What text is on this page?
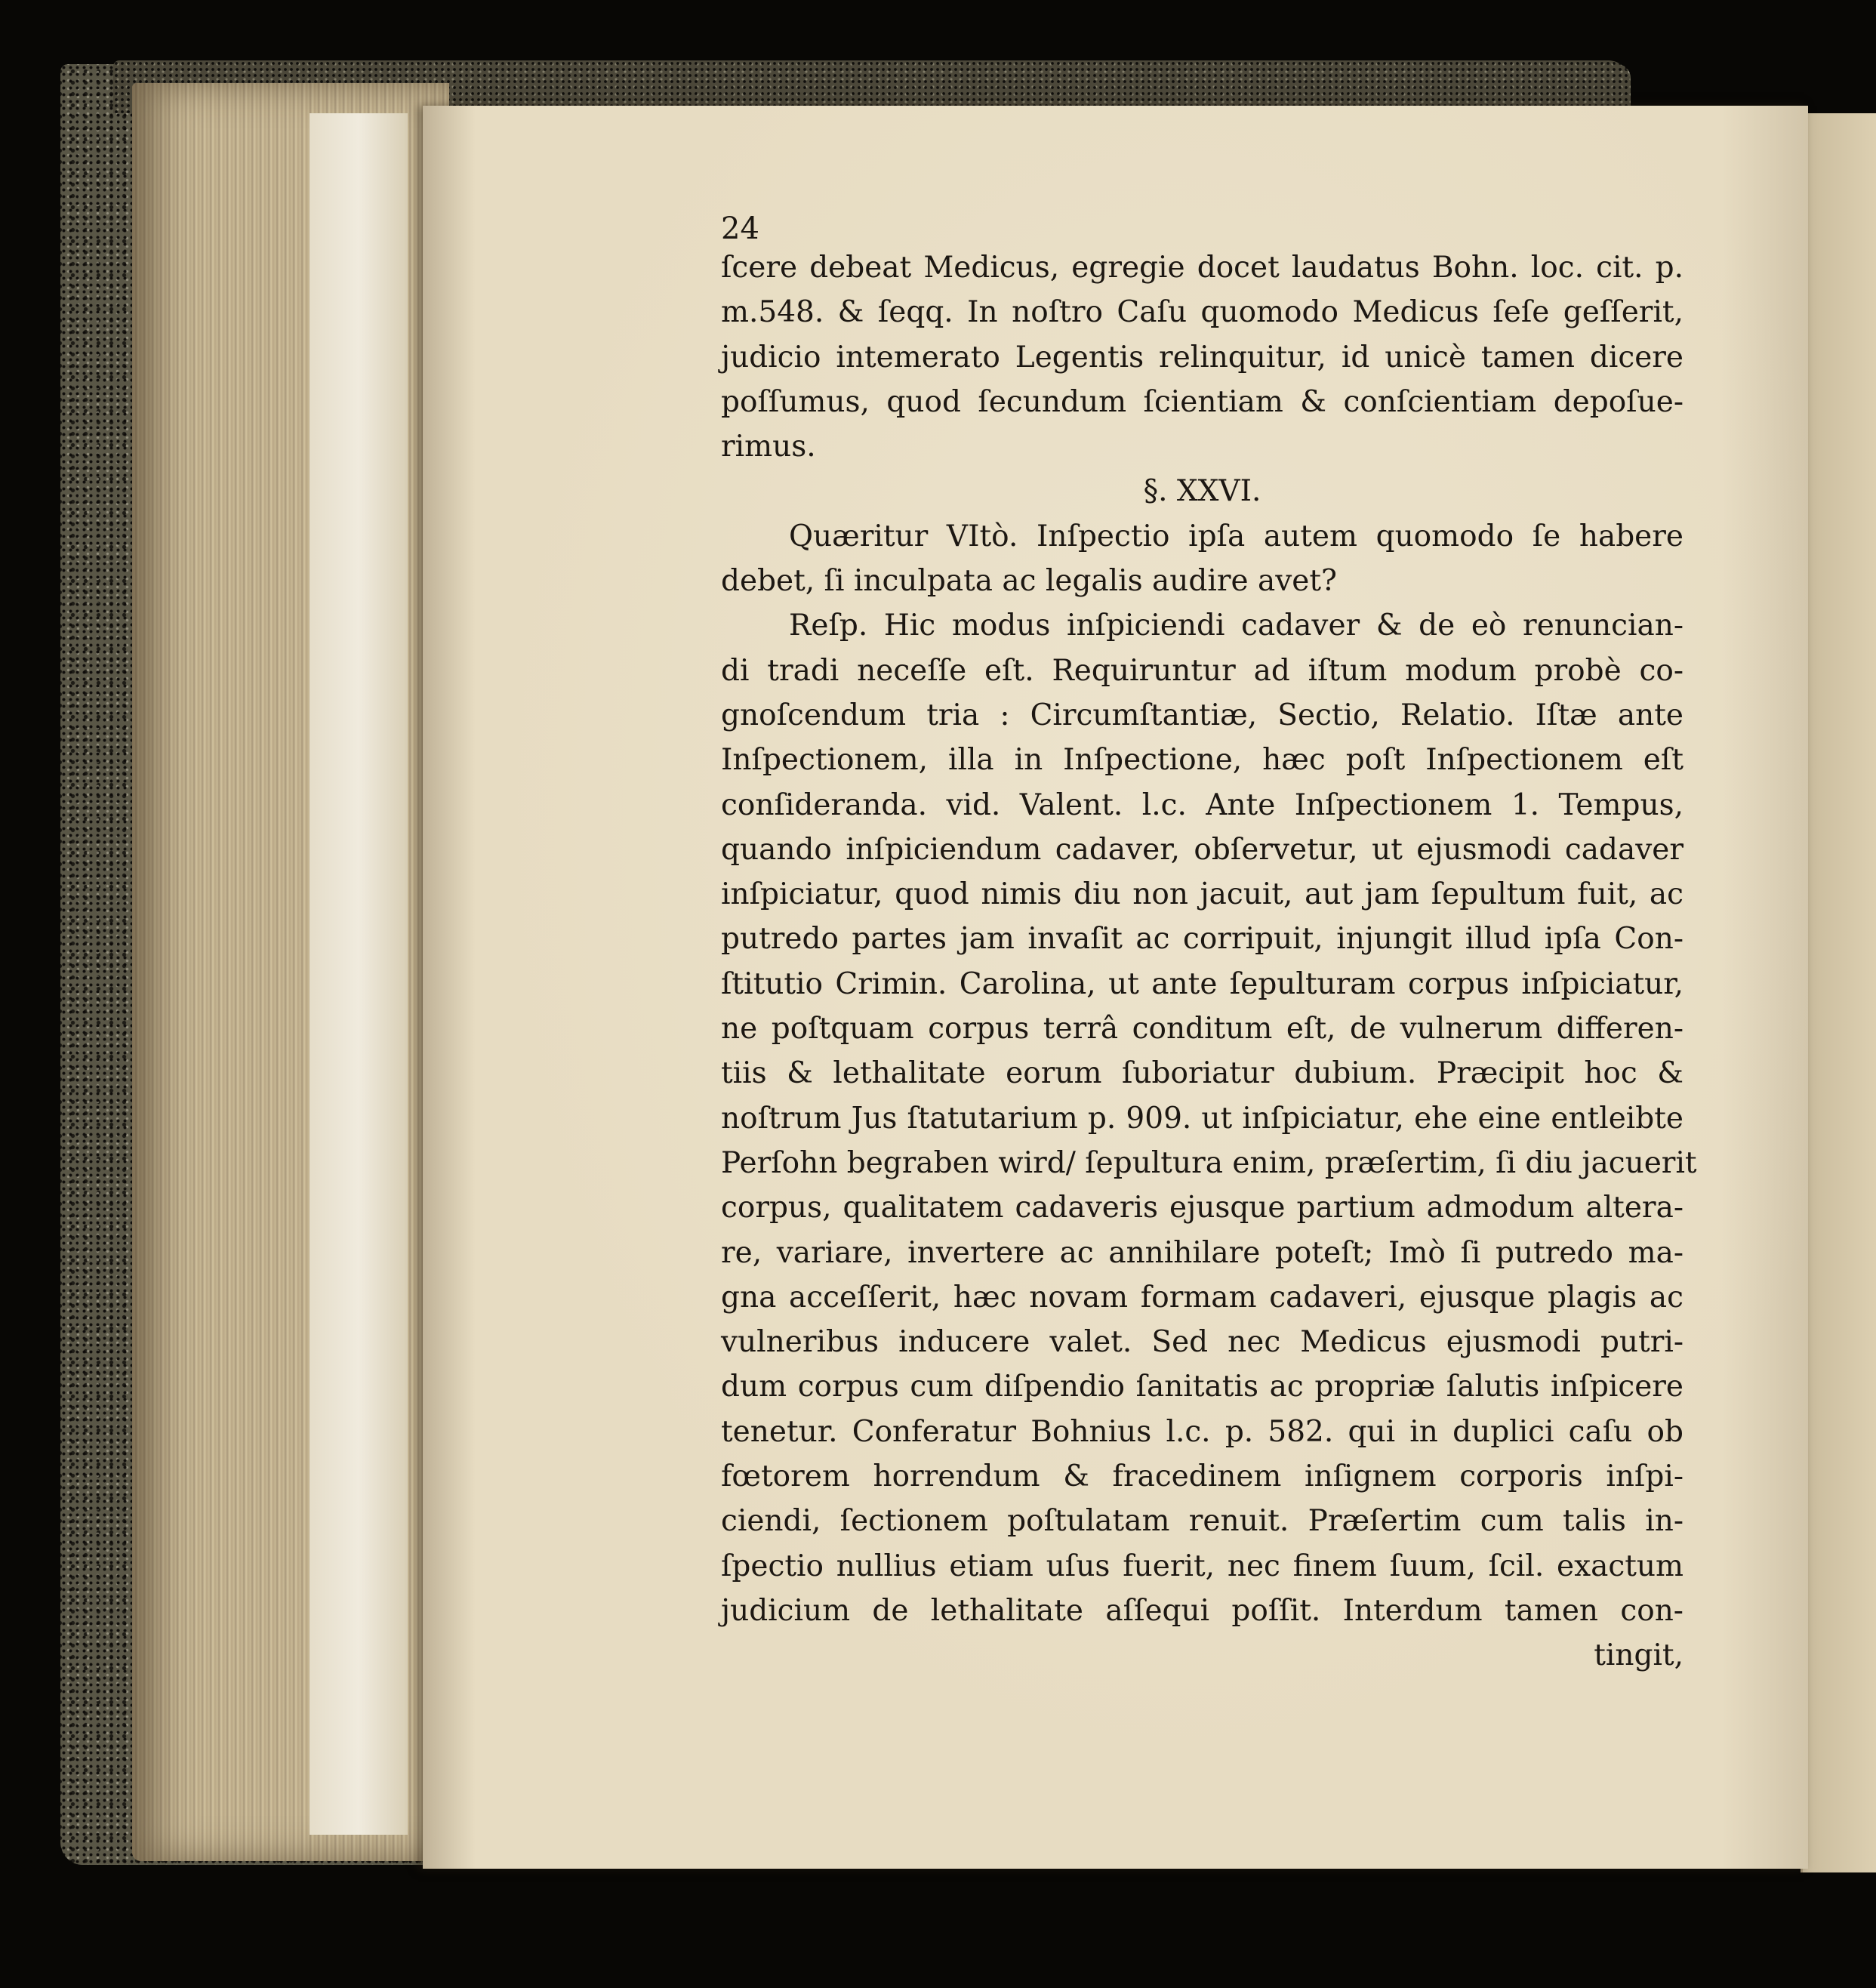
24
ſcere debeat Medicus, egregie docet laudatus Bohn. loc. cit. p.
m.548. & ſeqq. In noſtro Caſu quomodo Medicus ſeſe geſſerit,
judicio intemerato Legentis relinquitur, id unicè tamen dicere
poſſumus, quod ſecundum ſcientiam & conſcientiam depoſue-
rimus.
§. XXVI.
Quæritur VItò. Inſpectio ipſa autem quomodo ſe habere
debet, ſi inculpata ac legalis audire avet?
Reſp. Hic modus inſpiciendi cadaver & de eò renuncian-
di tradi neceſſe eſt. Requiruntur ad iſtum modum probè co-
gnoſcendum tria : Circumſtantiæ, Sectio, Relatio. Iſtæ ante
Inſpectionem, illa in Inſpectione, hæc poſt Inſpectionem eſt
conſideranda. vid. Valent. l.c. Ante Inſpectionem 1. Tempus,
quando inſpiciendum cadaver, obſervetur, ut ejusmodi cadaver
inſpiciatur, quod nimis diu non jacuit, aut jam ſepultum fuit, ac
putredo partes jam invaſit ac corripuit, injungit illud ipſa Con-
ſtitutio Crimin. Carolina, ut ante ſepulturam corpus inſpiciatur,
ne poſtquam corpus terrâ conditum eſt, de vulnerum differen-
tiis & lethalitate eorum ſuboriatur dubium. Præcipit hoc &
noſtrum Jus ſtatutarium p. 909. ut inſpiciatur, ehe eine entleibte
Perſohn begraben wird/ ſepultura enim, præſertim, ſi diu jacuerit
corpus, qualitatem cadaveris ejusque partium admodum altera-
re, variare, invertere ac annihilare poteſt; Imò ſi putredo ma-
gna acceſſerit, hæc novam formam cadaveri, ejusque plagis ac
vulneribus inducere valet. Sed nec Medicus ejusmodi putri-
dum corpus cum diſpendio ſanitatis ac propriæ ſalutis inſpicere
tenetur. Conferatur Bohnius l.c. p. 582. qui in duplici caſu ob
fœtorem horrendum & fracedinem inſignem corporis inſpi-
ciendi, ſectionem poſtulatam renuit. Præſertim cum talis in-
ſpectio nullius etiam uſus fuerit, nec finem ſuum, ſcil. exactum
judicium de lethalitate aſſequi poſſit. Interdum tamen con-
tingit,
